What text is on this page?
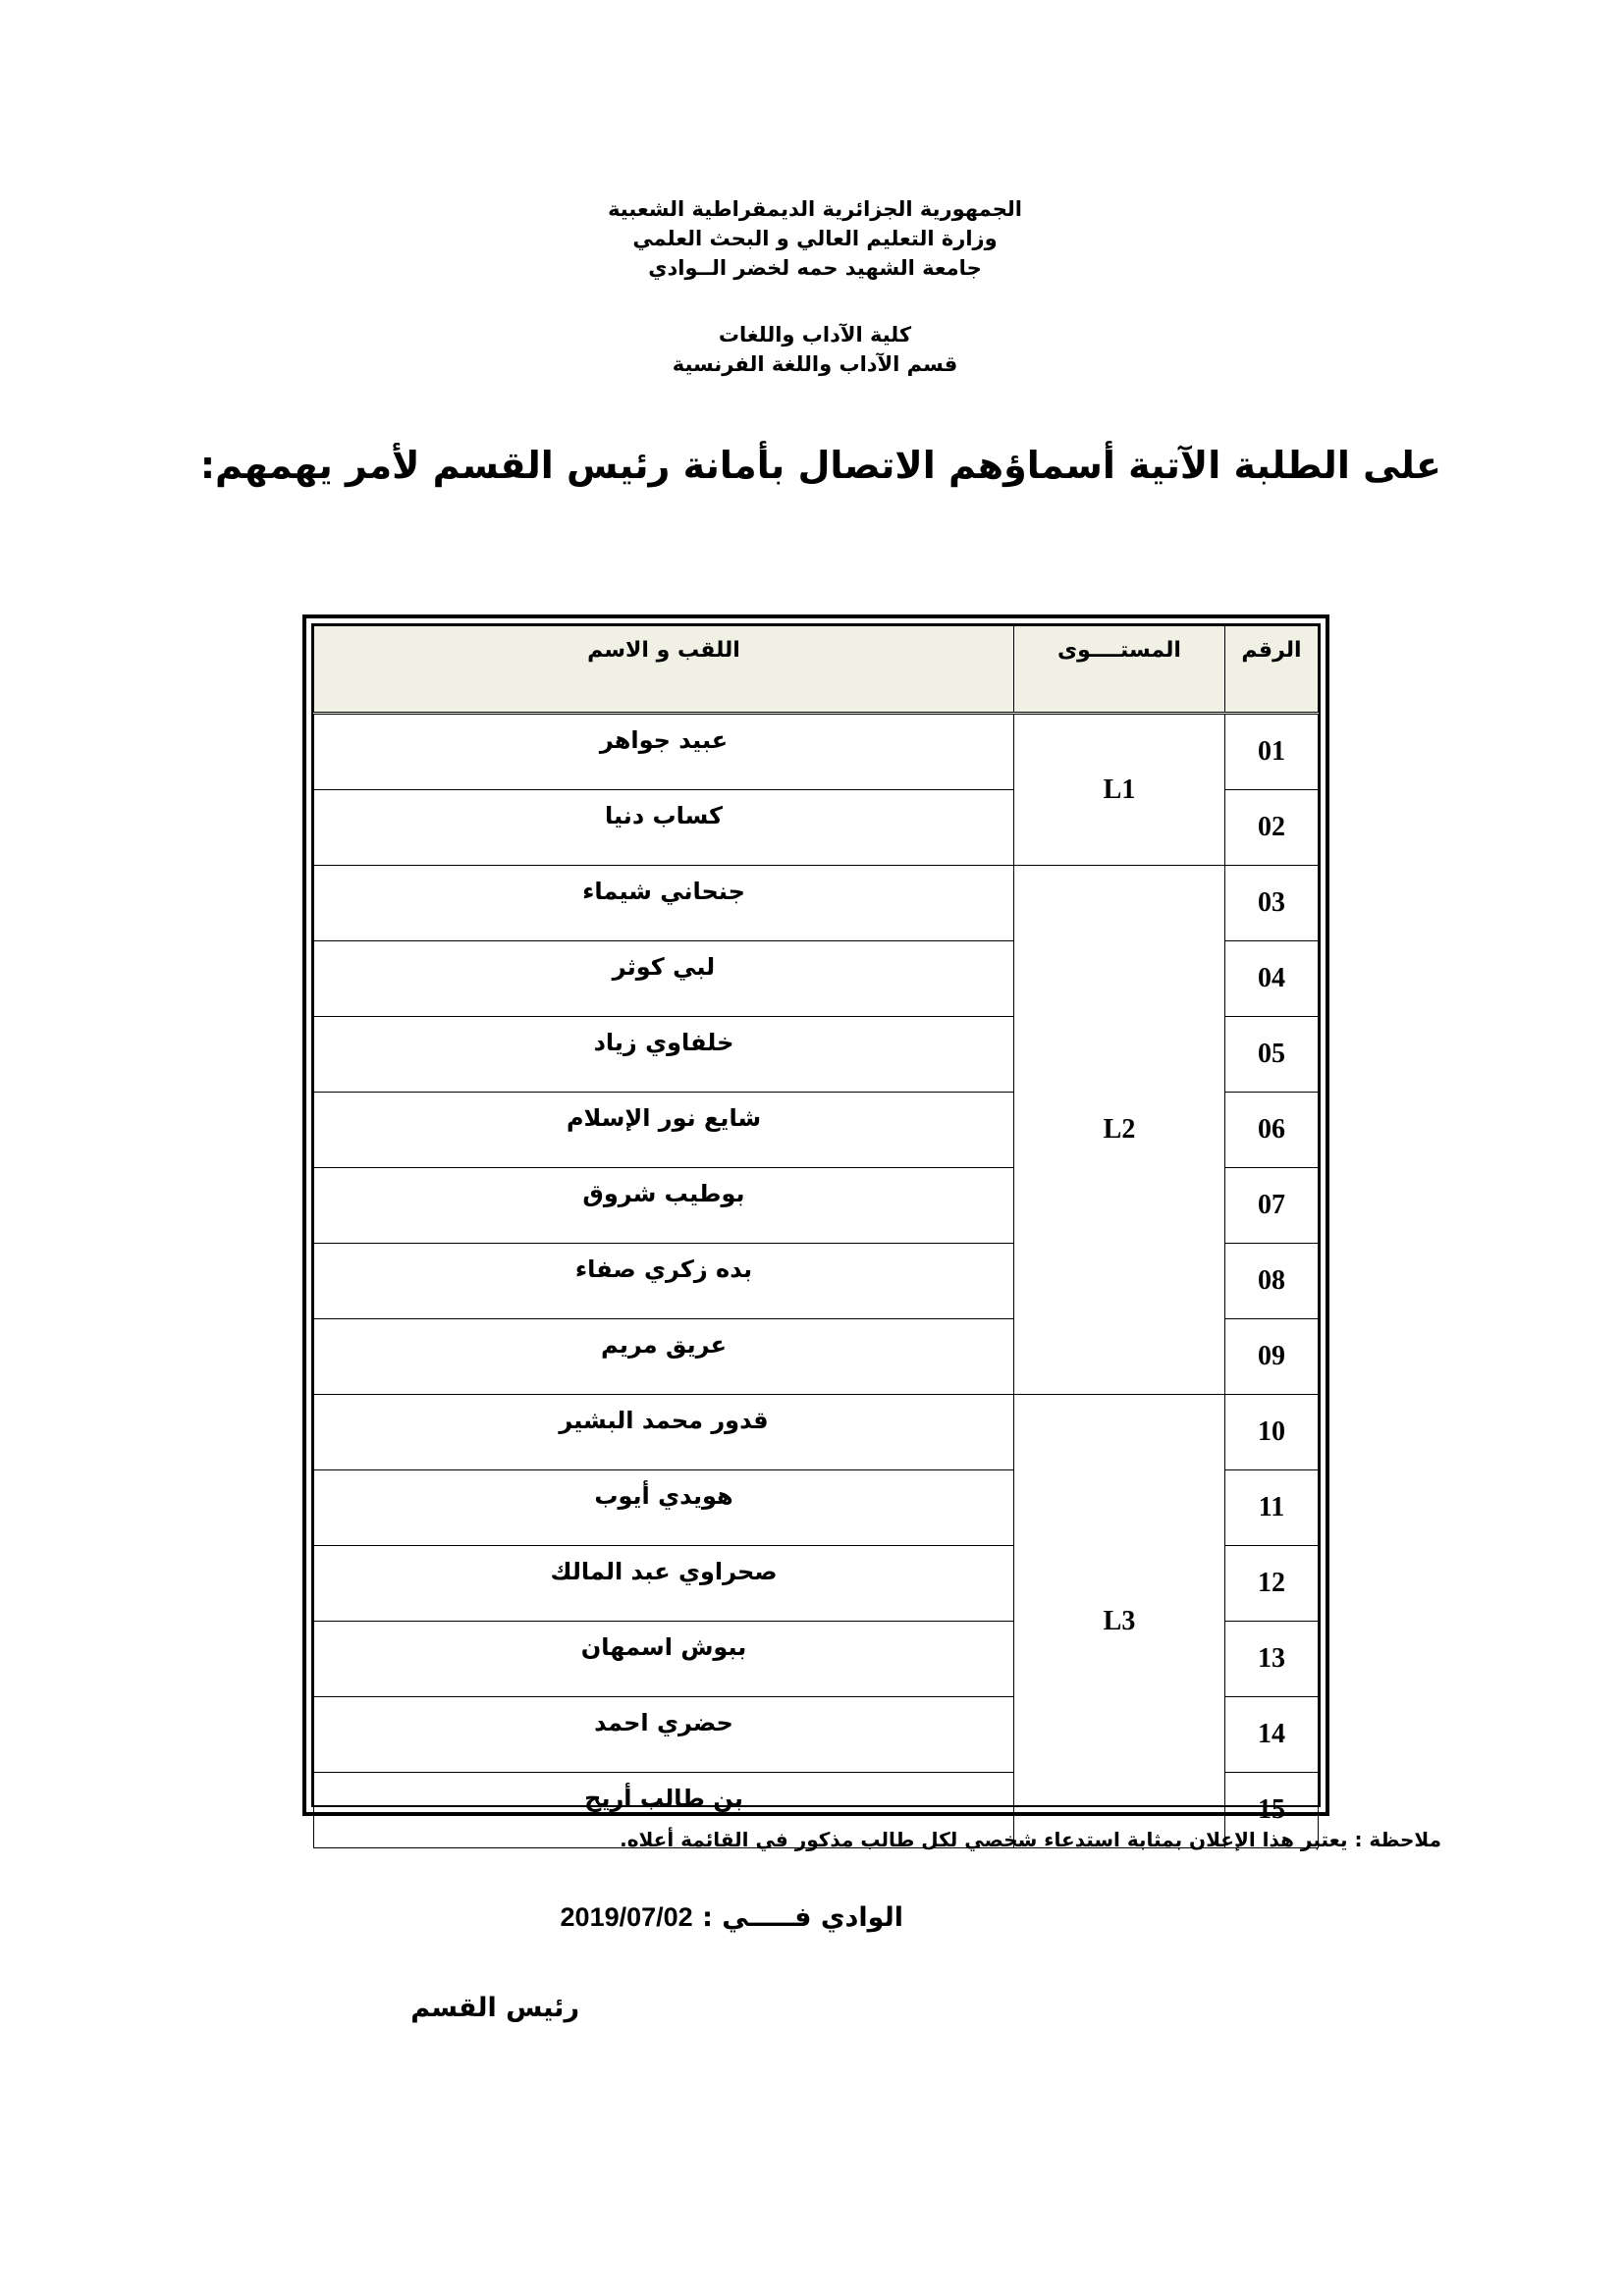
الجمهورية الجزائرية الديمقراطية الشعبية
وزارة التعليم العالي و البحث العلمي
جامعة الشهيد حمه لخضر الــوادي
كلية الآداب واللغات
قسم الآداب واللغة الفرنسية
على الطلبة الآتية أسماؤهم الاتصال بأمانة رئيس القسم لأمر يهمهم:
الرقم	المستــــوى	اللقب و الاسم
01	L1	عبيد جواهر
02		كساب دنيا
03	L2	جنحاني شيماء
04		لبي كوثر
05		خلفاوي زياد
06		شايع نور الإسلام
07		بوطيب شروق
08		بده زكري صفاء
09		عريق مريم
10	L3	قدور محمد البشير
11		هويدي أيوب
12		صحراوي عبد المالك
13		ببوش اسمهان
14		حضري احمد
15		بن طالب أريج
ملاحظة : يعتبر هذا الإعلان بمثابة استدعاء شخصي لكل طالب مذكور في القائمة أعلاه.
الوادي فـــــي : 2019/07/02
رئيس القسم
